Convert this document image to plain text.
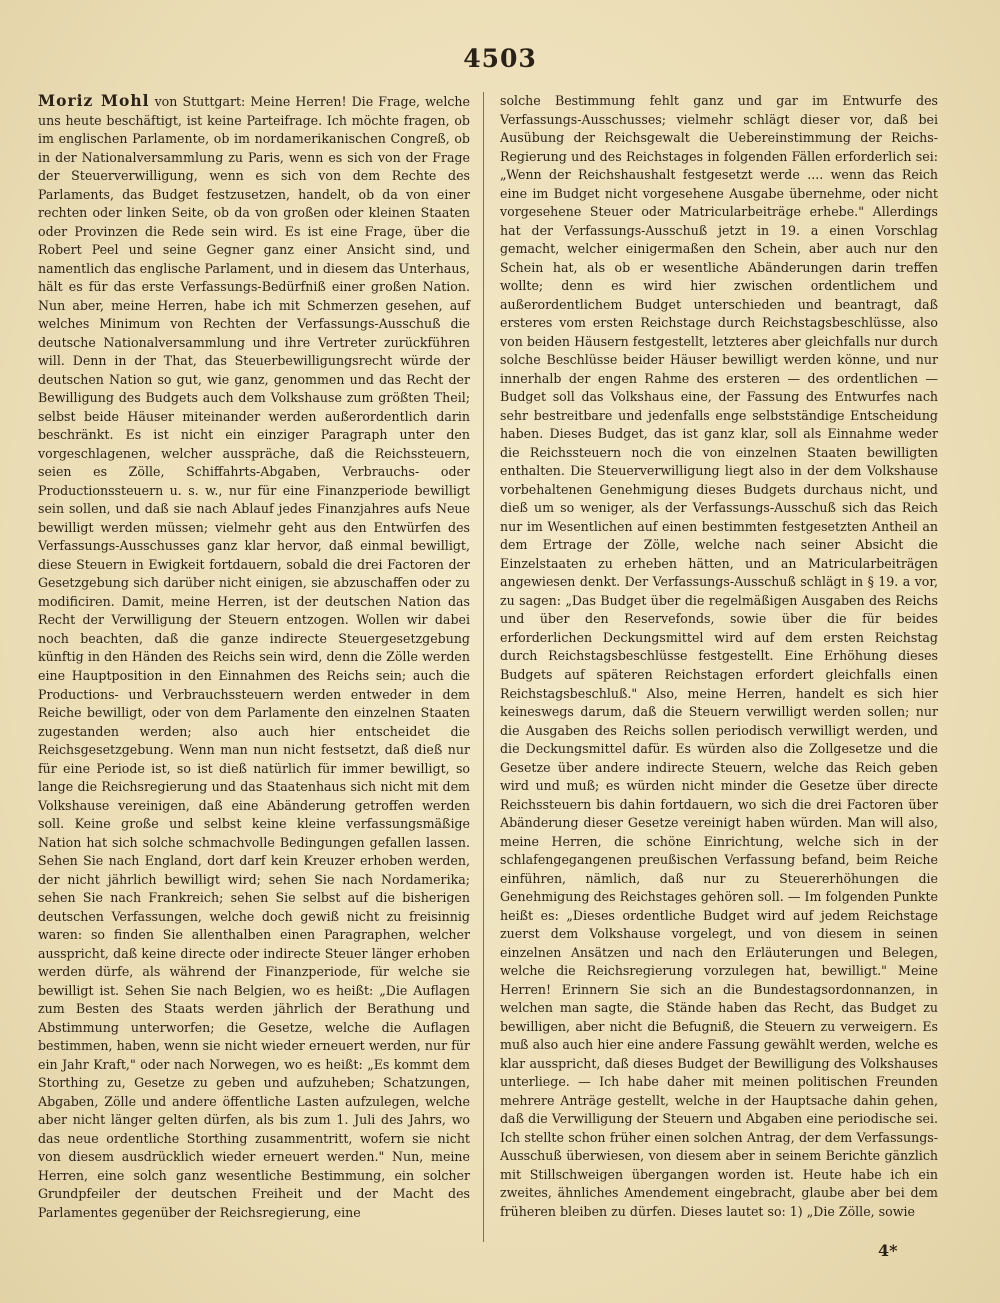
4503

Moriz Mohl von Stuttgart: Meine Herren! Die Frage, welche uns heute beschäftigt, ist keine Parteifrage. Ich möchte fragen, ob im englischen Parlamente, ob im nordamerikanischen Congreß, ob in der Nationalversammlung zu Paris, wenn es sich von der Frage der Steuerverwilligung, wenn es sich von dem Rechte des Parlaments, das Budget festzusetzen, handelt, ob da von einer rechten oder linken Seite, ob da von großen oder kleinen Staaten oder Provinzen die Rede sein wird. Es ist eine Frage, über die Robert Peel und seine Gegner ganz einer Ansicht sind, und namentlich das englische Parlament, und in diesem das Unterhaus, hält es für das erste Verfassungs-Bedürfniß einer großen Nation. Nun aber, meine Herren, habe ich mit Schmerzen gesehen, auf welches Minimum von Rechten der Verfassungs-Ausschuß die deutsche Nationalversammlung und ihre Vertreter zurückführen will. Denn in der That, das Steuerbewilligungsrecht würde der deutschen Nation so gut, wie ganz, genommen und das Recht der Bewilligung des Budgets auch dem Volkshause zum größten Theil; selbst beide Häuser miteinander werden außerordentlich darin beschränkt. Es ist nicht ein einziger Paragraph unter den vorgeschlagenen, welcher ausspräche, daß die Reichssteuern, seien es Zölle, Schiffahrts-Abgaben, Verbrauchs- oder Productionssteuern u. s. w., nur für eine Finanzperiode bewilligt sein sollen, und daß sie nach Ablauf jedes Finanzjahres aufs Neue bewilligt werden müssen; vielmehr geht aus den Entwürfen des Verfassungs-Ausschusses ganz klar hervor, daß einmal bewilligt, diese Steuern in Ewigkeit fortdauern, sobald die drei Factoren der Gesetzgebung sich darüber nicht einigen, sie abzuschaffen oder zu modificiren. Damit, meine Herren, ist der deutschen Nation das Recht der Verwilligung der Steuern entzogen. Wollen wir dabei noch beachten, daß die ganze indirecte Steuergesetzgebung künftig in den Händen des Reichs sein wird, denn die Zölle werden eine Hauptposition in den Einnahmen des Reichs sein; auch die Productions- und Verbrauchssteuern werden entweder in dem Reiche bewilligt, oder von dem Parlamente den einzelnen Staaten zugestanden werden; also auch hier entscheidet die Reichsgesetzgebung. Wenn man nun nicht festsetzt, daß dieß nur für eine Periode ist, so ist dieß natürlich für immer bewilligt, so lange die Reichsregierung und das Staatenhaus sich nicht mit dem Volkshause vereinigen, daß eine Abänderung getroffen werden soll. Keine große und selbst keine kleine verfassungsmäßige Nation hat sich solche schmachvolle Bedingungen gefallen lassen. Sehen Sie nach England, dort darf kein Kreuzer erhoben werden, der nicht jährlich bewilligt wird; sehen Sie nach Nordamerika; sehen Sie nach Frankreich; sehen Sie selbst auf die bisherigen deutschen Verfassungen, welche doch gewiß nicht zu freisinnig waren: so finden Sie allenthalben einen Paragraphen, welcher ausspricht, daß keine directe oder indirecte Steuer länger erhoben werden dürfe, als während der Finanzperiode, für welche sie bewilligt ist. Sehen Sie nach Belgien, wo es heißt: „Die Auflagen zum Besten des Staats werden jährlich der Berathung und Abstimmung unterworfen; die Gesetze, welche die Auflagen bestimmen, haben, wenn sie nicht wieder erneuert werden, nur für ein Jahr Kraft," oder nach Norwegen, wo es heißt: „Es kommt dem Storthing zu, Gesetze zu geben und aufzuheben; Schatzungen, Abgaben, Zölle und andere öffentliche Lasten aufzulegen, welche aber nicht länger gelten dürfen, als bis zum 1. Juli des Jahrs, wo das neue ordentliche Storthing zusammentritt, wofern sie nicht von diesem ausdrücklich wieder erneuert werden." Nun, meine Herren, eine solch ganz wesentliche Bestimmung, ein solcher Grundpfeiler der deutschen Freiheit und der Macht des Parlamentes gegenüber der Reichsregierung, eine

solche Bestimmung fehlt ganz und gar im Entwurfe des Verfassungs-Ausschusses; vielmehr schlägt dieser vor, daß bei Ausübung der Reichsgewalt die Uebereinstimmung der Reichs-Regierung und des Reichstages in folgenden Fällen erforderlich sei: „Wenn der Reichshaushalt festgesetzt werde .... wenn das Reich eine im Budget nicht vorgesehene Ausgabe übernehme, oder nicht vorgesehene Steuer oder Matricularbeiträge erhebe." Allerdings hat der Verfassungs-Ausschuß jetzt in 19. a einen Vorschlag gemacht, welcher einigermaßen den Schein, aber auch nur den Schein hat, als ob er wesentliche Abänderungen darin treffen wollte; denn es wird hier zwischen ordentlichem und außerordentlichem Budget unterschieden und beantragt, daß ersteres vom ersten Reichstage durch Reichstagsbeschlüsse, also von beiden Häusern festgestellt, letzteres aber gleichfalls nur durch solche Beschlüsse beider Häuser bewilligt werden könne, und nur innerhalb der engen Rahme des ersteren — des ordentlichen — Budget soll das Volkshaus eine, der Fassung des Entwurfes nach sehr bestreitbare und jedenfalls enge selbstständige Entscheidung haben. Dieses Budget, das ist ganz klar, soll als Einnahme weder die Reichssteuern noch die von einzelnen Staaten bewilligten enthalten. Die Steuerverwilligung liegt also in der dem Volkshause vorbehaltenen Genehmigung dieses Budgets durchaus nicht, und dieß um so weniger, als der Verfassungs-Ausschuß sich das Reich nur im Wesentlichen auf einen bestimmten festgesetzten Antheil an dem Ertrage der Zölle, welche nach seiner Absicht die Einzelstaaten zu erheben hätten, und an Matricularbeiträgen angewiesen denkt. Der Verfassungs-Ausschuß schlägt in § 19. a vor, zu sagen: „Das Budget über die regelmäßigen Ausgaben des Reichs und über den Reservefonds, sowie über die für beides erforderlichen Deckungsmittel wird auf dem ersten Reichstag durch Reichstagsbeschlüsse festgestellt. Eine Erhöhung dieses Budgets auf späteren Reichstagen erfordert gleichfalls einen Reichstagsbeschluß." Also, meine Herren, handelt es sich hier keineswegs darum, daß die Steuern verwilligt werden sollen; nur die Ausgaben des Reichs sollen periodisch verwilligt werden, und die Deckungsmittel dafür. Es würden also die Zollgesetze und die Gesetze über andere indirecte Steuern, welche das Reich geben wird und muß; es würden nicht minder die Gesetze über directe Reichssteuern bis dahin fortdauern, wo sich die drei Factoren über Abänderung dieser Gesetze vereinigt haben würden. Man will also, meine Herren, die schöne Einrichtung, welche sich in der schlafengegangenen preußischen Verfassung befand, beim Reiche einführen, nämlich, daß nur zu Steuererhöhungen die Genehmigung des Reichstages gehören soll. — Im folgenden Punkte heißt es: „Dieses ordentliche Budget wird auf jedem Reichstage zuerst dem Volkshause vorgelegt, und von diesem in seinen einzelnen Ansätzen und nach den Erläuterungen und Belegen, welche die Reichsregierung vorzulegen hat, bewilligt." Meine Herren! Erinnern Sie sich an die Bundestagsordonnanzen, in welchen man sagte, die Stände haben das Recht, das Budget zu bewilligen, aber nicht die Befugniß, die Steuern zu verweigern. Es muß also auch hier eine andere Fassung gewählt werden, welche es klar ausspricht, daß dieses Budget der Bewilligung des Volkshauses unterliege. — Ich habe daher mit meinen politischen Freunden mehrere Anträge gestellt, welche in der Hauptsache dahin gehen, daß die Verwilligung der Steuern und Abgaben eine periodische sei. Ich stellte schon früher einen solchen Antrag, der dem Verfassungs-Ausschuß überwiesen, von diesem aber in seinem Berichte gänzlich mit Stillschweigen übergangen worden ist. Heute habe ich ein zweites, ähnliches Amendement eingebracht, glaube aber bei dem früheren bleiben zu dürfen. Dieses lautet so: 1) „Die Zölle, sowie

4*
